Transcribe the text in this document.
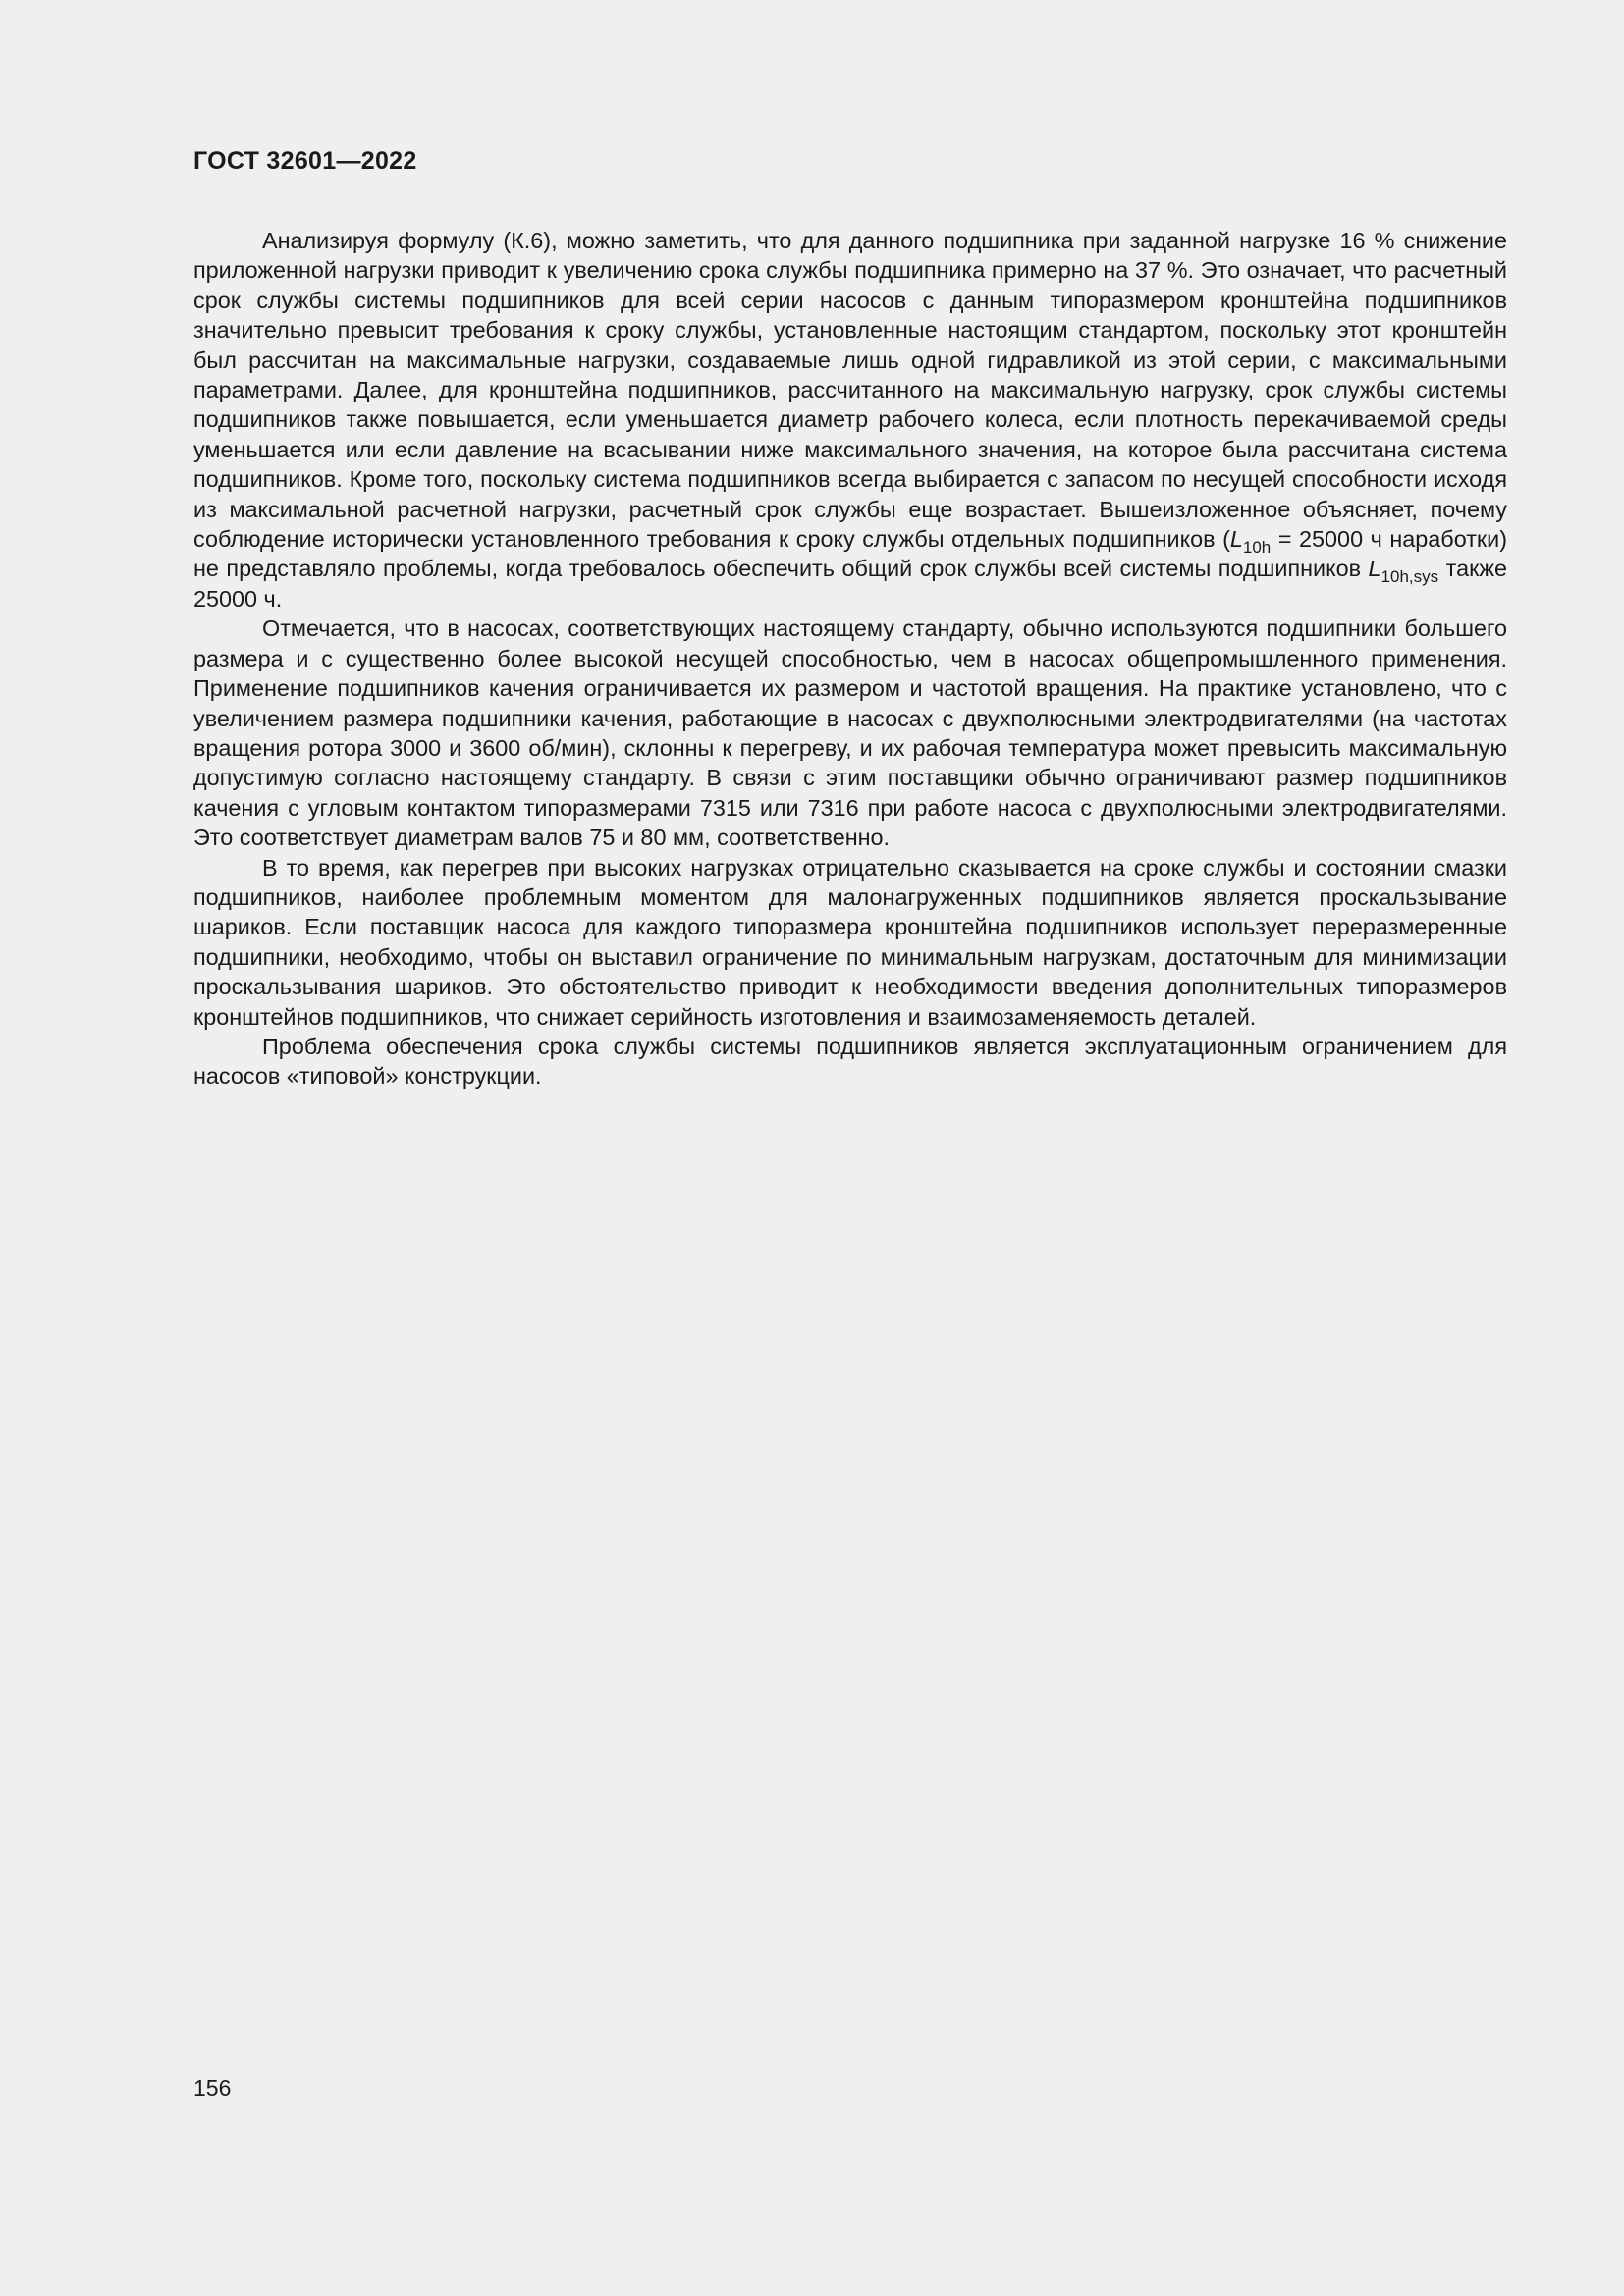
ГОСТ 32601—2022

Анализируя формулу (К.6), можно заметить, что для данного подшипника при заданной нагрузке 16 % снижение приложенной нагрузки приводит к увеличению срока службы подшипника примерно на 37 %. Это означает, что расчетный срок службы системы подшипников для всей серии насосов с данным типоразмером кронштейна подшипников значительно превысит требования к сроку службы, установленные настоящим стандартом, поскольку этот кронштейн был рассчитан на максимальные нагрузки, создаваемые лишь одной гидравликой из этой серии, с максимальными параметрами. Далее, для кронштейна подшипников, рассчитанного на максимальную нагрузку, срок службы системы подшипников также повышается, если уменьшается диаметр рабочего колеса, если плотность перекачиваемой среды уменьшается или если давление на всасывании ниже максимального значения, на которое была рассчитана система подшипников. Кроме того, поскольку система подшипников всегда выбирается с запасом по несущей способности исходя из максимальной расчетной нагрузки, расчетный срок службы еще возрастает. Вышеизложенное объясняет, почему соблюдение исторически установленного требования к сроку службы отдельных подшипников ($L_{10h} = 25000$ ч наработки) не представляло проблемы, когда требовалось обеспечить общий срок службы всей системы подшипников $L_{10h,sys}$ также 25000 ч.

Отмечается, что в насосах, соответствующих настоящему стандарту, обычно используются подшипники большего размера и с существенно более высокой несущей способностью, чем в насосах общепромышленного применения. Применение подшипников качения ограничивается их размером и частотой вращения. На практике установлено, что с увеличением размера подшипники качения, работающие в насосах с двухполюсными электродвигателями (на частотах вращения ротора 3000 и 3600 об/мин), склонны к перегреву, и их рабочая температура может превысить максимальную допустимую согласно настоящему стандарту. В связи с этим поставщики обычно ограничивают размер подшипников качения с угловым контактом типоразмерами 7315 или 7316 при работе насоса с двухполюсными электродвигателями. Это соответствует диаметрам валов 75 и 80 мм, соответственно.

В то время, как перегрев при высоких нагрузках отрицательно сказывается на сроке службы и состоянии смазки подшипников, наиболее проблемным моментом для малонагруженных подшипников является проскальзывание шариков. Если поставщик насоса для каждого типоразмера кронштейна подшипников использует переразмеренные подшипники, необходимо, чтобы он выставил ограничение по минимальным нагрузкам, достаточным для минимизации проскальзывания шариков. Это обстоятельство приводит к необходимости введения дополнительных типоразмеров кронштейнов подшипников, что снижает серийность изготовления и взаимозаменяемость деталей.

Проблема обеспечения срока службы системы подшипников является эксплуатационным ограничением для насосов «типовой» конструкции.

156
